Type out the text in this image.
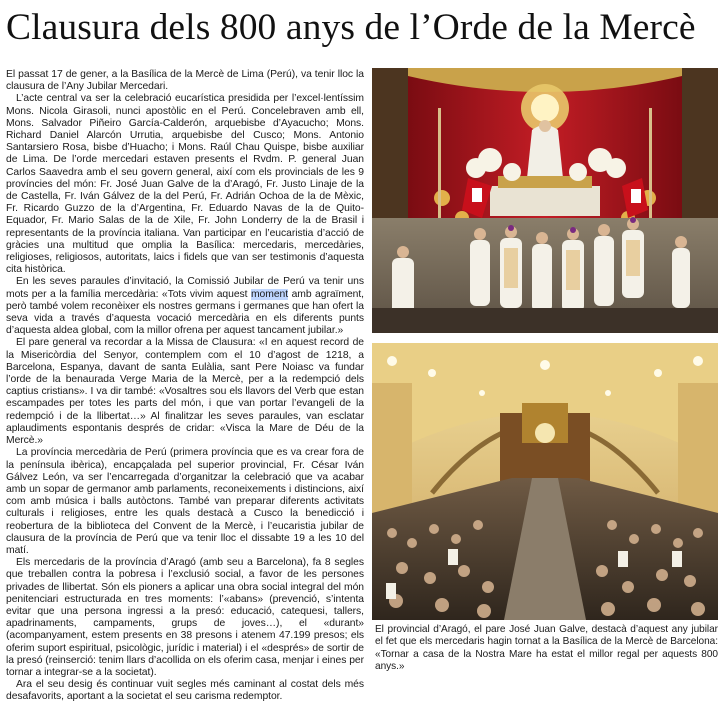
Clausura dels 800 anys de l’Orde de la Mercè

El passat 17 de gener, a la Basílica de la Mercè de Lima (Perú), va tenir lloc la clausura de l’Any Jubilar Mercedari.

L’acte central va ser la celebració eucarística presidida per l’excel·lentíssim Mons. Nicola Girasoli, nunci apostòlic en el Perú. Concelebraven amb ell, Mons. Salvador Piñeiro García-Calderón, arquebisbe d’Ayacucho; Mons. Richard Daniel Alarcón Urrutia, arquebisbe del Cusco; Mons. Antonio Santarsiero Rosa, bisbe d’Huacho; i Mons. Raúl Chau Quispe, bisbe auxiliar de Lima. De l’orde mercedari estaven presents el Rvdm. P. general Juan Carlos Saavedra amb el seu govern general, així com els provincials de les 9 províncies del món: Fr. José Juan Galve de la d’Aragó, Fr. Justo Linaje de la de Castella, Fr. Iván Gálvez de la del Perú, Fr. Adrián Ochoa de la de Mèxic, Fr. Ricardo Guzzo de la d’Argentina, Fr. Eduardo Navas de la de Quito-Equador, Fr. Mario Salas de la de Xile, Fr. John Londerry de la de Brasil i representants de la província italiana. Van participar en l’eucaristia d’acció de gràcies una multitud que omplia la Basílica: mercedaris, mercedàries, religioses, religiosos, autoritats, laics i fidels que van ser testimonis d’aquesta cita històrica.

En les seves paraules d’invitació, la Comissió Jubilar de Perú va tenir uns mots per a la família mercedària: «Tots vivim aquest moment amb agraïment, però també volem reconèixer els nostres germans i germanes que han ofert la seva vida a través d’aquesta vocació mercedària en els diferents punts d’aquesta aldea global, com la millor ofrena per aquest tancament jubilar.»

El pare general va recordar a la Missa de Clausura: «I en aquest record de la Misericòrdia del Senyor, contemplem com el 10 d’agost de 1218, a Barcelona, Espanya, davant de santa Eulàlia, sant Pere Noiasc va fundar l’orde de la benaurada Verge Maria de la Mercè, per a la redempció dels captius cristians». I va dir també: «Vosaltres sou els llavors del Verb que estan escampades per totes les parts del món, i que van portar l’evangeli de la redempció i de la llibertat…» Al finalitzar les seves paraules, van esclatar aplaudiments espontanis després de cridar: «Visca la Mare de Déu de la Mercè.»

La província mercedària de Perú (primera província que es va crear fora de la península ibèrica), encapçalada pel superior provincial, Fr. César Iván Gálvez León, va ser l’encarregada d’organitzar la celebració que va acabar amb un sopar de germanor amb parlaments, reconeixements i distincions, així com amb música i balls autòctons. També van preparar diferents activitats culturals i religioses, entre les quals destacà a Cusco la benedicció i reobertura de la biblioteca del Convent de la Mercè, i l’eucaristia jubilar de clausura de la província de Perú que va tenir lloc el dissabte 19 a les 10 del matí.

Els mercedaris de la província d’Aragó (amb seu a Barcelona), fa 8 segles que treballen contra la pobresa i l’exclusió social, a favor de les persones privades de llibertat. Són els pioners a aplicar una obra social integral del món penitenciari estructurada en tres moments: l’«abans» (prevenció, s’intenta evitar que una persona ingressi a la presó: educació, catequesi, tallers, apadrinaments, campaments, grups de joves…), el «durant» (acompanyament, estem presents en 38 presons i atenem 47.199 presos; els oferim suport espiritual, psicològic, jurídic i material) i el «després» de sortir de la presó (reinserció: tenim llars d’acollida on els oferim casa, menjar i eines per tornar a integrar-se a la societat).

Ara el seu desig és continuar vuit segles més caminant al costat dels més desafavorits, aportant a la societat el seu carisma redemptor.

El provincial d’Aragó, el pare José Juan Galve, destacà d’aquest any jubilar el fet que els mercedaris hagin tornat a la Basílica de la Mercè de Barcelona: «Tornar a casa de la Nostra Mare ha estat el millor regal per aquests 800 anys.»
